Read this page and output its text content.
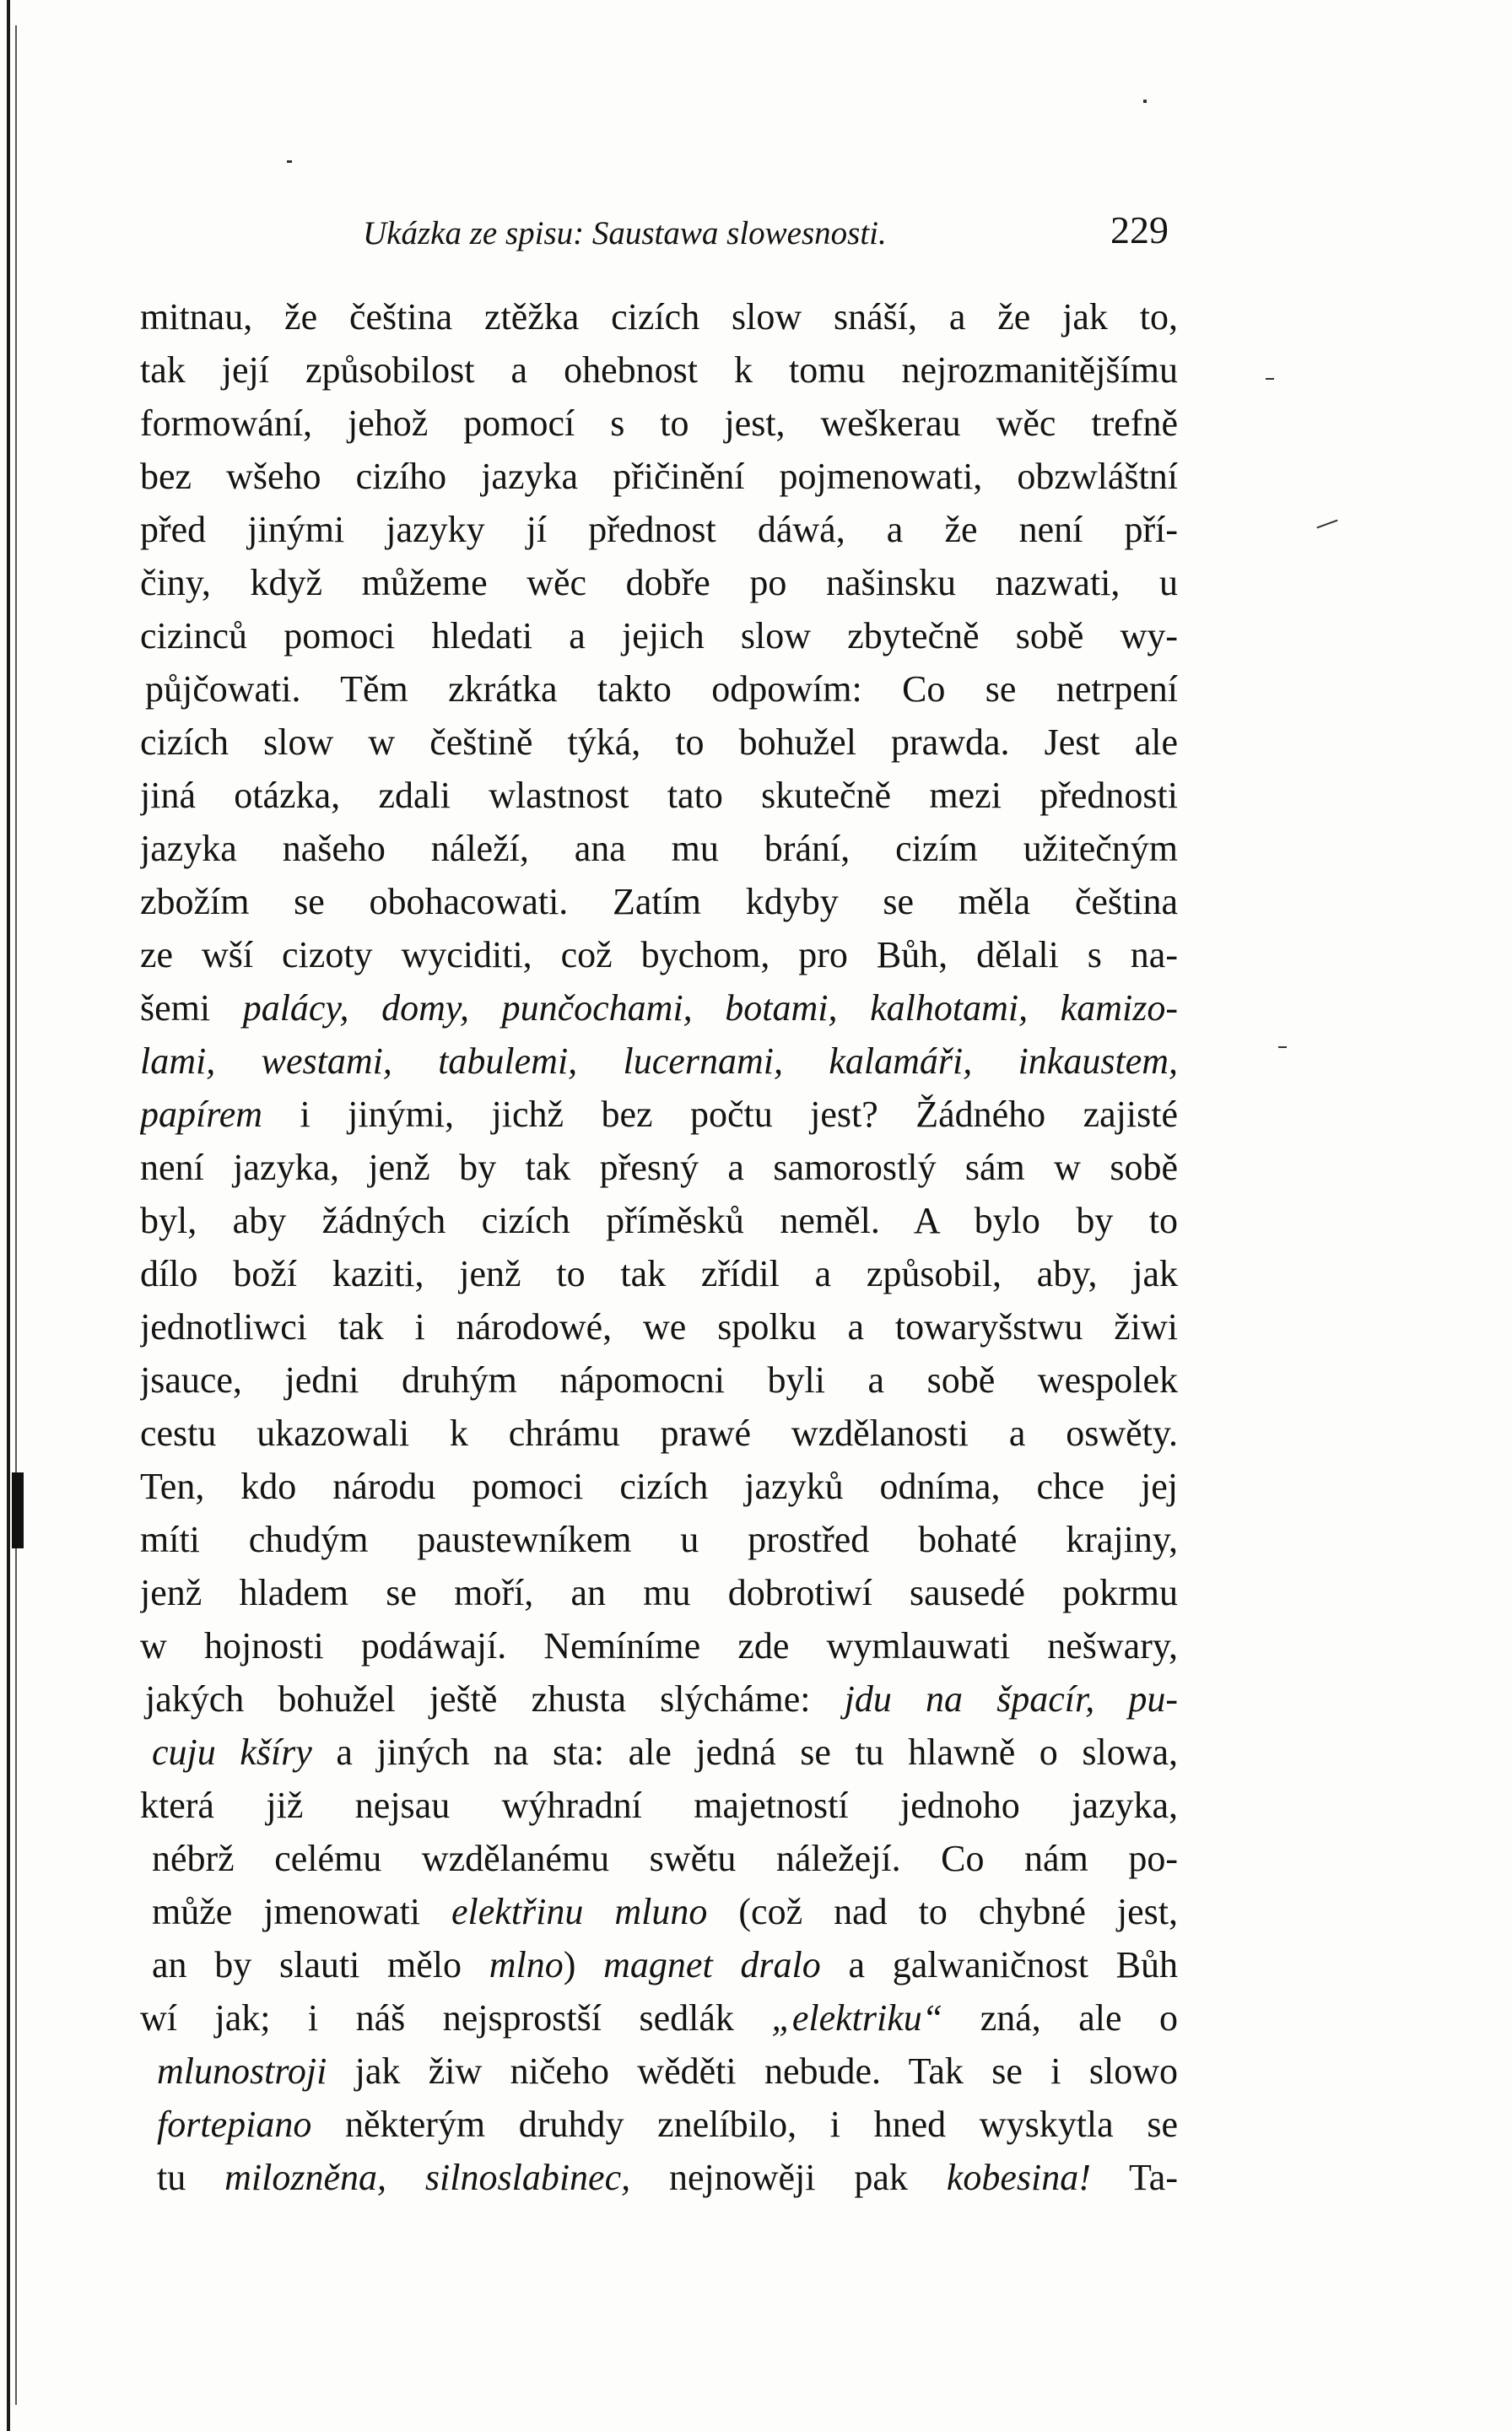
Ukázka ze spisu: Saustawa slowesnosti.	229
mitnau, že čeština ztěžka cizích slow snáší, a že jak to,
tak její způsobilost a ohebnost k tomu nejrozmanitějšímu
formowání, jehož pomocí s to jest, weškerau wěc trefně
bez wšeho cizího jazyka přičinění pojmenowati, obzwláštní
před jinými jazyky jí přednost dáwá, a že není pří-
činy, když můžeme wěc dobře po našinsku nazwati, u
cizinců pomoci hledati a jejich slow zbytečně sobě wy-
půjčowati. Těm zkrátka takto odpowím: Co se netrpení
cizích slow w češtině týká, to bohužel prawda. Jest ale
jiná otázka, zdali wlastnost tato skutečně mezi přednosti
jazyka našeho náleží, ana mu brání, cizím užitečným
zbožím se obohacowati. Zatím kdyby se měla čeština
ze wší cizoty wyciditi, což bychom, pro Bůh, dělali s na-
šemi palácy, domy, punčochami, botami, kalhotami, kamizo-
lami, westami, tabulemi, lucernami, kalamáři, inkaustem,
papírem i jinými, jichž bez počtu jest? Žádného zajisté
není jazyka, jenž by tak přesný a samorostlý sám w sobě
byl, aby žádných cizích příměsků neměl. A bylo by to
dílo boží kaziti, jenž to tak zřídil a způsobil, aby, jak
jednotliwci tak i národowé, we spolku a towaryšstwu žiwi
jsauce, jedni druhým nápomocni byli a sobě wespolek
cestu ukazowali k chrámu prawé wzdělanosti a oswěty.
Ten, kdo národu pomoci cizích jazyků odníma, chce jej
míti chudým paustewníkem u prostřed bohaté krajiny,
jenž hladem se moří, an mu dobrotiwí sausedé pokrmu
w hojnosti podáwají. Nemíníme zde wymlauwati nešwary,
jakých bohužel ještě zhusta slýcháme: jdu na špacír, pu-
cuju kšíry a jiných na sta: ale jedná se tu hlawně o slowa,
která již nejsau wýhradní majetností jednoho jazyka,
nébrž celému wzdělanému swětu náležejí. Co nám po-
může jmenowati elektřinu mluno (což nad to chybné jest,
an by slauti mělo mlno) magnet dralo a galwaničnost Bůh
wí jak; i náš nejsprostší sedlák „elektriku“ zná, ale o
mlunostroji jak žiw ničeho wěděti nebude. Tak se i slowo
fortepiano některým druhdy znelíbilo, i hned wyskytla se
tu milozněna, silnoslabinec, nejnowěji pak kobesina! Ta-
